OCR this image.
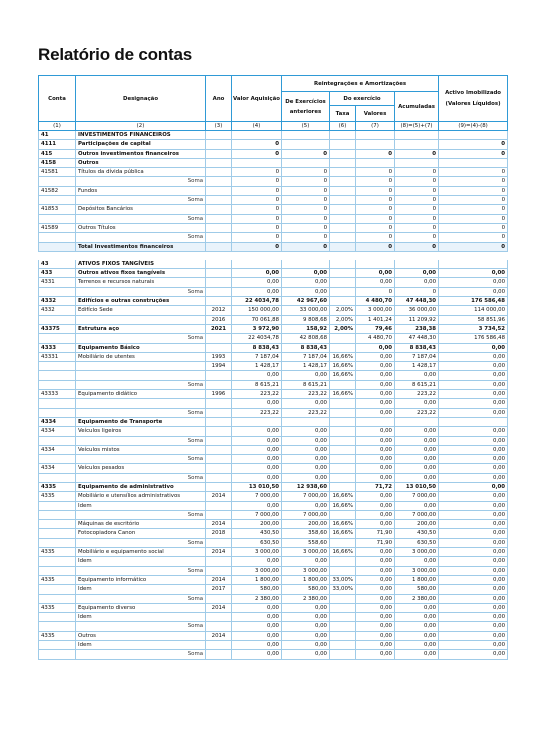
Relatório de contas
Conta	Designação	Ano	Valor Aquisição	Reintegrações e Amortizações				Activo Imobilizado (Valores Líquidos)
				De Exercícios anteriores	Do exercício		Acumuladas	
					Taxa	Valores		
(1)	(2)	(3)	(4)	(5)	(6)	(7)	(8)=(5)+(7)	(9)=(4)-(8)
41	INVESTIMENTOS FINANCEIROS							
4111	Participações de capital		0					0
415	Outros investimentos financeiros		0	0		0	0	0
4158	Outros							
41581	Títulos da dívida pública		0	0		0	0	0
	Soma		0	0		0	0	0
41582	Fundos		0	0		0	0	0
	Soma		0	0		0	0	0
41853	Depósitos Bancários		0	0		0	0	0
	Soma		0	0		0	0	0
41589	Outros Títulos		0	0		0	0	0
	Soma		0	0		0	0	0
	Total Investimentos financeiros		0	0		0	0	0

43	ATIVOS FIXOS TANGÍVEIS							
433	Outros ativos fixos tangíveis		0,00	0,00		0,00	0,00	0,00
4331	Terrenos e recursos naturais		0,00	0,00		0,00	0,00	0,00
	Soma		0,00	0,00		0	0	0,00
4332	Edifícios e outras construções		22 4034,78	42 967,60		4 480,70	47 448,30	176 586,48
4332	Edifício Sede	2012	150 000,00	33 000,00	2,00%	3 000,00	36 000,00	114 000,00
		2016	70 061,88	9 808,68	2,00%	1 401,24	11 209,92	58 851,96
43375	Estrutura aço	2021	3 972,90	158,92	2,00%	79,46	238,38	3 734,52
	Soma		22 4034,78	42 808,68		4 480,70	47 448,30	176 586,48
4333	Equipamento Básico		8 838,43	8 838,43		0,00	8 838,43	0,00
43331	Mobiliário de utentes	1993	7 187,04	7 187,04	16,66%	0,00	7 187,04	0,00
		1994	1 428,17	1 428,17	16,66%	0,00	1 428,17	0,00
			0,00	0,00	16,66%	0,00	0,00	0,00
	Soma		8 615,21	8 615,21		0,00	8 615,21	0,00
43333	Equipamento didático	1996	223,22	223,22	16,66%	0,00	223,22	0,00
			0,00	0,00		0,00	0,00	0,00
	Soma		223,22	223,22		0,00	223,22	0,00
4334	Equipamento de Transporte							
4334	Veículos ligeiros		0,00	0,00		0,00	0,00	0,00
	Soma		0,00	0,00		0,00	0,00	0,00
4334	Veículos mistos		0,00	0,00		0,00	0,00	0,00
	Soma		0,00	0,00		0,00	0,00	0,00
4334	Veículos pesados		0,00	0,00		0,00	0,00	0,00
	Soma		0,00	0,00		0,00	0,00	0,00
4335	Equipamento de administrativo		13 010,50	12 938,60		71,72	13 010,50	0,00
4335	Mobiliário e utensílios administrativos	2014	7 000,00	7 000,00	16,66%	0,00	7 000,00	0,00
	Idem		0,00	0,00	16,66%	0,00	0,00	0,00
	Soma		7 000,00	7 000,00		0,00	7 000,00	0,00
	Máquinas de escritório	2014	200,00	200,00	16,66%	0,00	200,00	0,00
	Fotocopiadora Canon	2018	430,50	358,60	16,66%	71,90	430,50	0,00
	Soma		630,50	558,60		71,90	630,50	0,00
4335	Mobiliário e equipamento social	2014	3 000,00	3 000,00	16,66%	0,00	3 000,00	0,00
	Idem		0,00	0,00		0,00	0,00	0,00
	Soma		3 000,00	3 000,00		0,00	3 000,00	0,00
4335	Equipamento informático	2014	1 800,00	1 800,00	33,00%	0,00	1 800,00	0,00
	Idem	2017	580,00	580,00	33,00%	0,00	580,00	0,00
	Soma		2 380,00	2 380,00		0,00	2 380,00	0,00
4335	Equipamento diverso	2014	0,00	0,00		0,00	0,00	0,00
	Idem		0,00	0,00		0,00	0,00	0,00
	Soma		0,00	0,00		0,00	0,00	0,00
4335	Outros	2014	0,00	0,00		0,00	0,00	0,00
	Idem		0,00	0,00		0,00	0,00	0,00
	Soma		0,00	0,00		0,00	0,00	0,00
